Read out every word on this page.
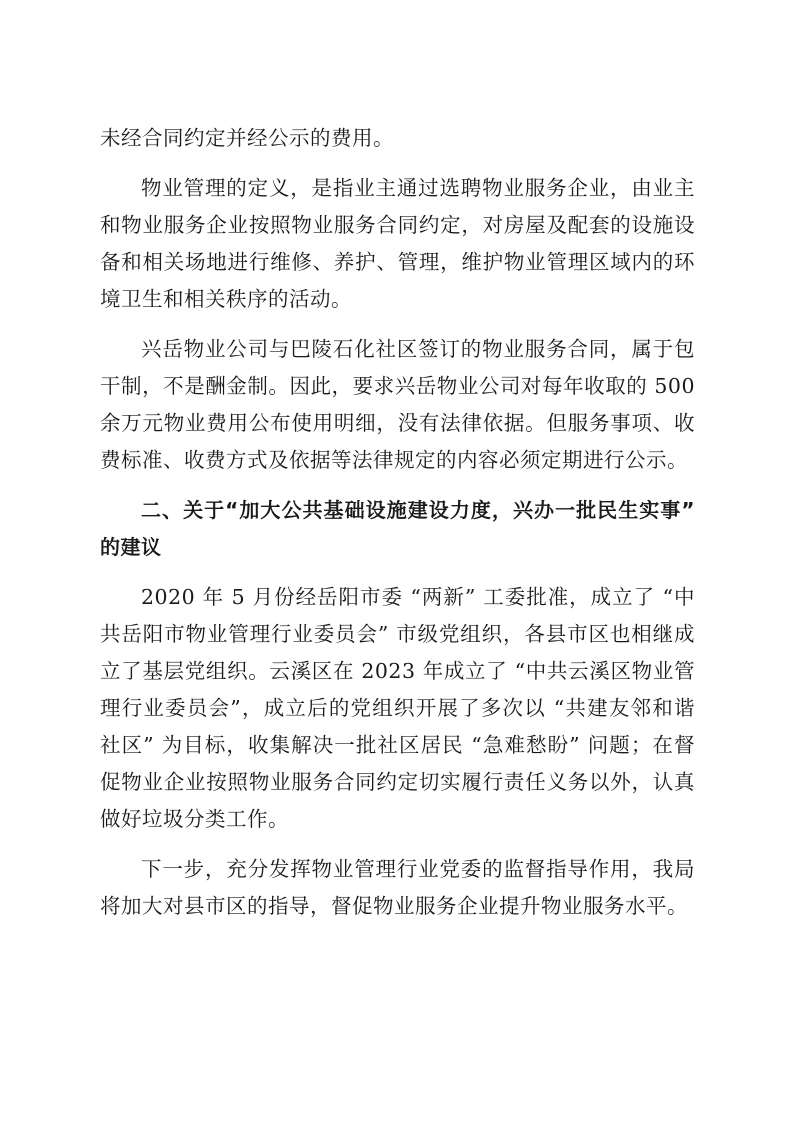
未经合同约定并经公示的费用。
物业管理的定义，是指业主通过选聘物业服务企业，由业主
和物业服务企业按照物业服务合同约定，对房屋及配套的设施设
备和相关场地进行维修、养护、管理，维护物业管理区域内的环
境卫生和相关秩序的活动。
兴岳物业公司与巴陵石化社区签订的物业服务合同，属于包
干制，不是酬金制。因此，要求兴岳物业公司对每年收取的 500
余万元物业费用公布使用明细，没有法律依据。但服务事项、收
费标准、收费方式及依据等法律规定的内容必须定期进行公示。
二、关于“加大公共基础设施建设力度，兴办一批民生实事”
的建议
2020 年 5 月份经岳阳市委 “两新” 工委批准，成立了 “中
共岳阳市物业管理行业委员会” 市级党组织，各县市区也相继成
立了基层党组织。云溪区在 2023 年成立了 “中共云溪区物业管
理行业委员会”，成立后的党组织开展了多次以 “共建友邻和谐
社区” 为目标，收集解决一批社区居民 “急难愁盼” 问题；在督
促物业企业按照物业服务合同约定切实履行责任义务以外，认真
做好垃圾分类工作。
下一步，充分发挥物业管理行业党委的监督指导作用，我局
将加大对县市区的指导，督促物业服务企业提升物业服务水平。
